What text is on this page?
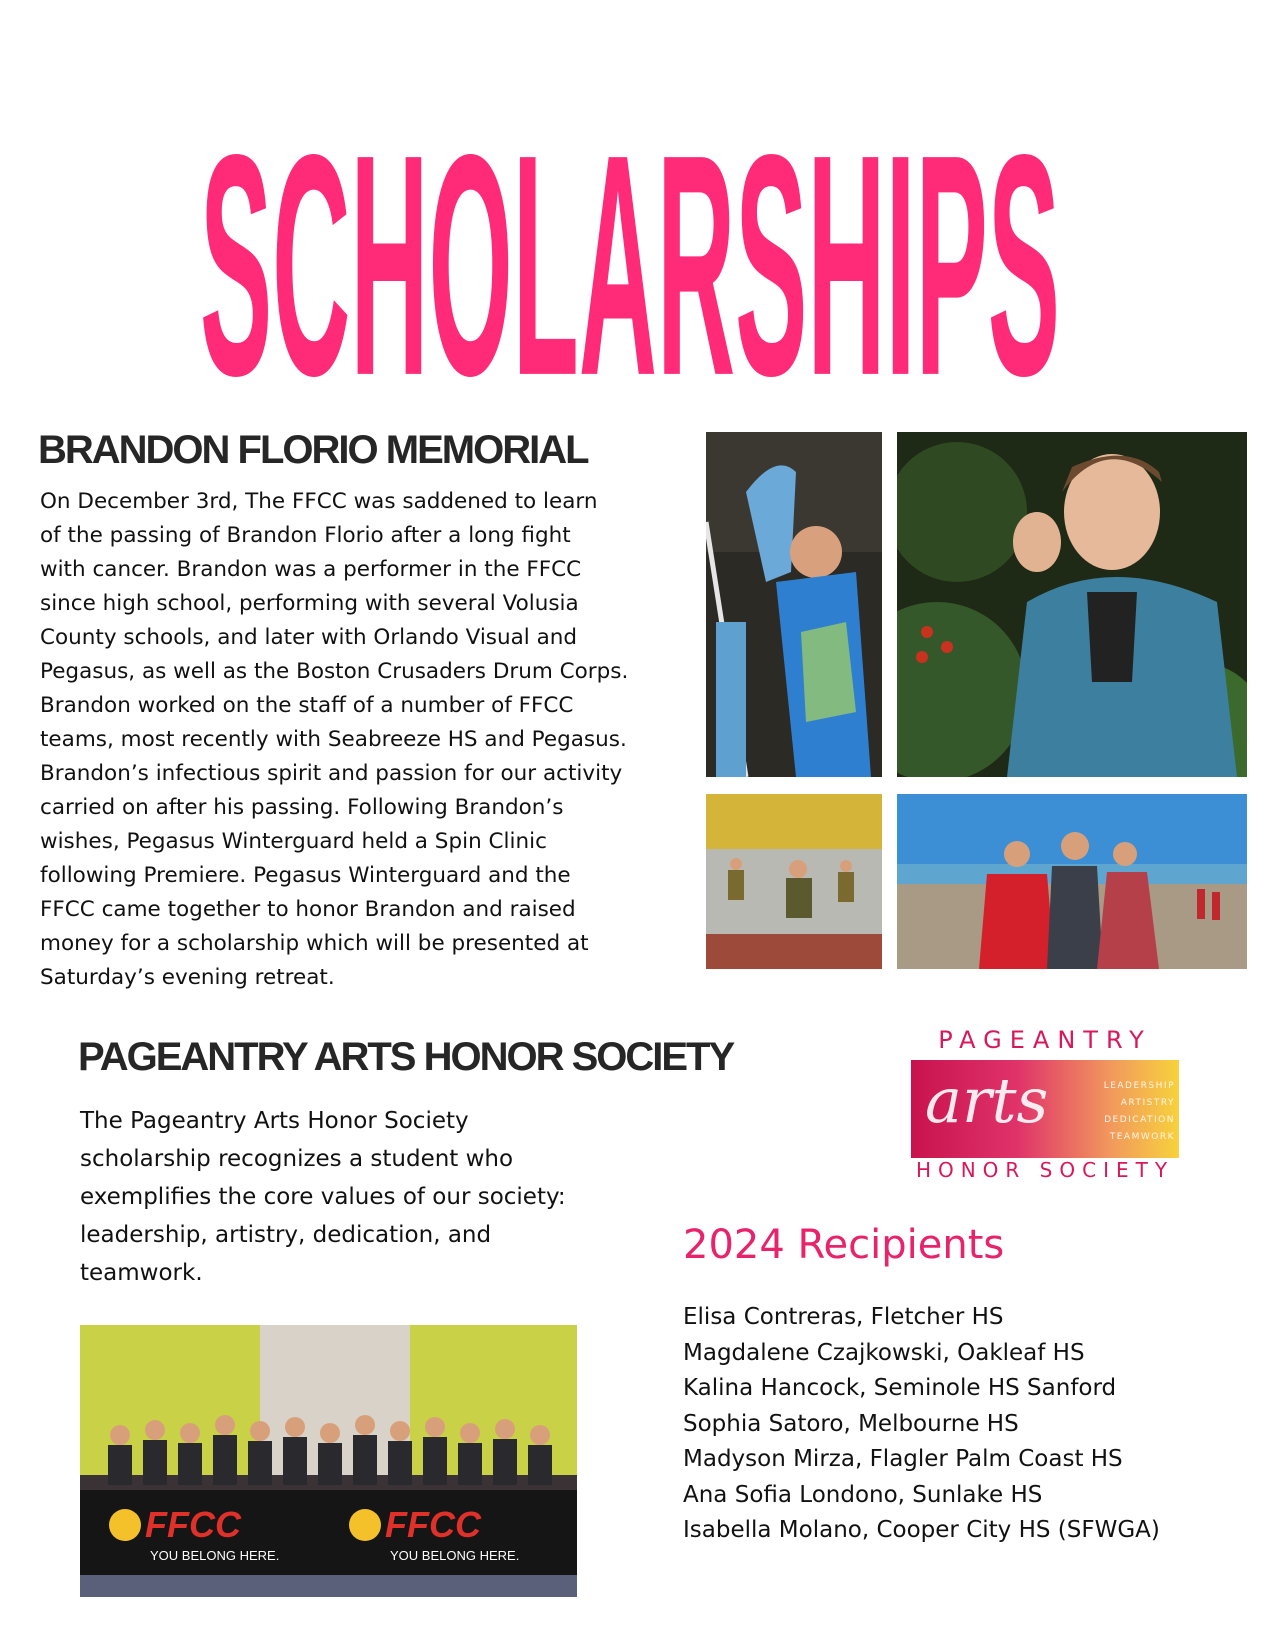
SCHOLARSHIPS
BRANDON FLORIO MEMORIAL
On December 3rd, The FFCC was saddened to learn
of the passing of Brandon Florio after a long fight
with cancer. Brandon was a performer in the FFCC
since high school, performing with several Volusia
County schools, and later with Orlando Visual and
Pegasus, as well as the Boston Crusaders Drum Corps.
Brandon worked on the staff of a number of FFCC
teams, most recently with Seabreeze HS and Pegasus.
Brandon’s infectious spirit and passion for our activity
carried on after his passing. Following Brandon’s
wishes, Pegasus Winterguard held a Spin Clinic
following Premiere. Pegasus Winterguard and the
FFCC came together to honor Brandon and raised
money for a scholarship which will be presented at
Saturday’s evening retreat.
PAGEANTRY ARTS HONOR SOCIETY
The Pageantry Arts Honor Society
scholarship recognizes a student who
exemplifies the core values of our society:
leadership, artistry, dedication, and
teamwork.
PAGEANTRY
arts	LEADERSHIP
ARTISTRY
DEDICATION
TEAMWORK
HONOR SOCIETY
FFCC
YOU BELONG HERE.
FFCC
YOU BELONG HERE.
2024 Recipients
Elisa Contreras, Fletcher HS
Magdalene Czajkowski, Oakleaf HS
Kalina Hancock, Seminole HS Sanford
Sophia Satoro, Melbourne HS
Madyson Mirza, Flagler Palm Coast HS
Ana Sofia Londono, Sunlake HS
Isabella Molano, Cooper City HS (SFWGA)
